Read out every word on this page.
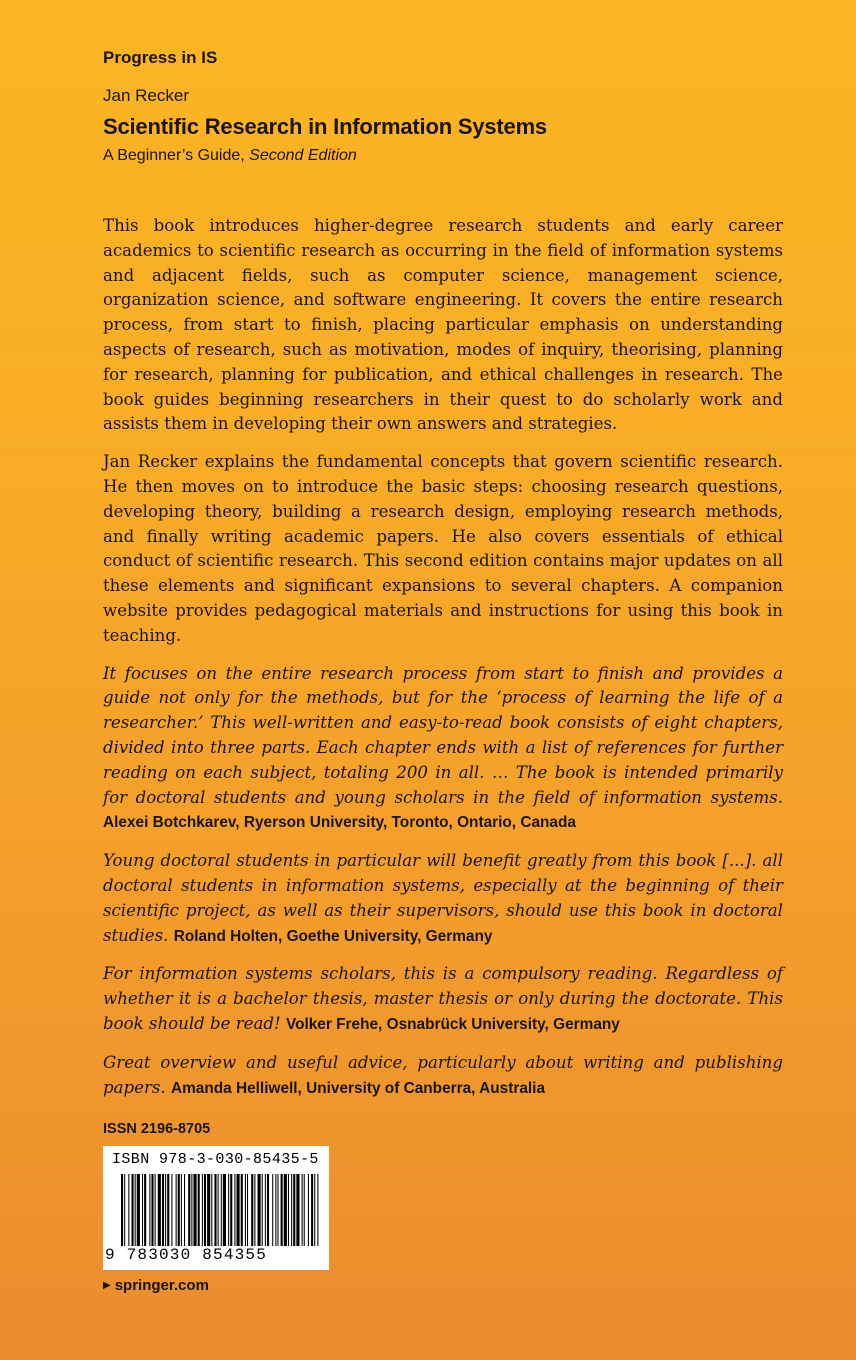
Progress in IS
Jan Recker
Scientific Research in Information Systems
A Beginner’s Guide, Second Edition

This book introduces higher-degree research students and early career academics to scientific research as occurring in the field of information systems and adjacent fields, such as computer science, management science, organization science, and software engineering. It covers the entire research process, from start to finish, placing particular emphasis on understanding aspects of research, such as motivation, modes of inquiry, theorising, planning for research, planning for publication, and ethical challenges in research. The book guides beginning researchers in their quest to do scholarly work and assists them in developing their own answers and strategies.

Jan Recker explains the fundamental concepts that govern scientific research. He then moves on to introduce the basic steps: choosing research questions, developing theory, building a research design, employing research methods, and finally writing academic papers. He also covers essentials of ethical conduct of scientific research. This second edition contains major updates on all these elements and significant expansions to several chapters. A companion website provides pedagogical materials and instructions for using this book in teaching.

It focuses on the entire research process from start to finish and provides a guide not only for the methods, but for the ‘process of learning the life of a researcher.’ This well-written and easy-to-read book consists of eight chapters, divided into three parts. Each chapter ends with a list of references for further reading on each subject, totaling 200 in all. … The book is intended primarily for doctoral students and young scholars in the field of information systems. Alexei Botchkarev, Ryerson University, Toronto, Ontario, Canada

Young doctoral students in particular will benefit greatly from this book [...]. all doctoral students in information systems, especially at the beginning of their scientific project, as well as their supervisors, should use this book in doctoral studies. Roland Holten, Goethe University, Germany

For information systems scholars, this is a compulsory reading. Regardless of whether it is a bachelor thesis, master thesis or only during the doctorate. This book should be read! Volker Frehe, Osnabrück University, Germany

Great overview and useful advice, particularly about writing and publishing papers. Amanda Helliwell, University of Canberra, Australia

ISSN 2196-8705
ISBN 978-3-030-85435-5
9 783030 854355
▶ springer.com
